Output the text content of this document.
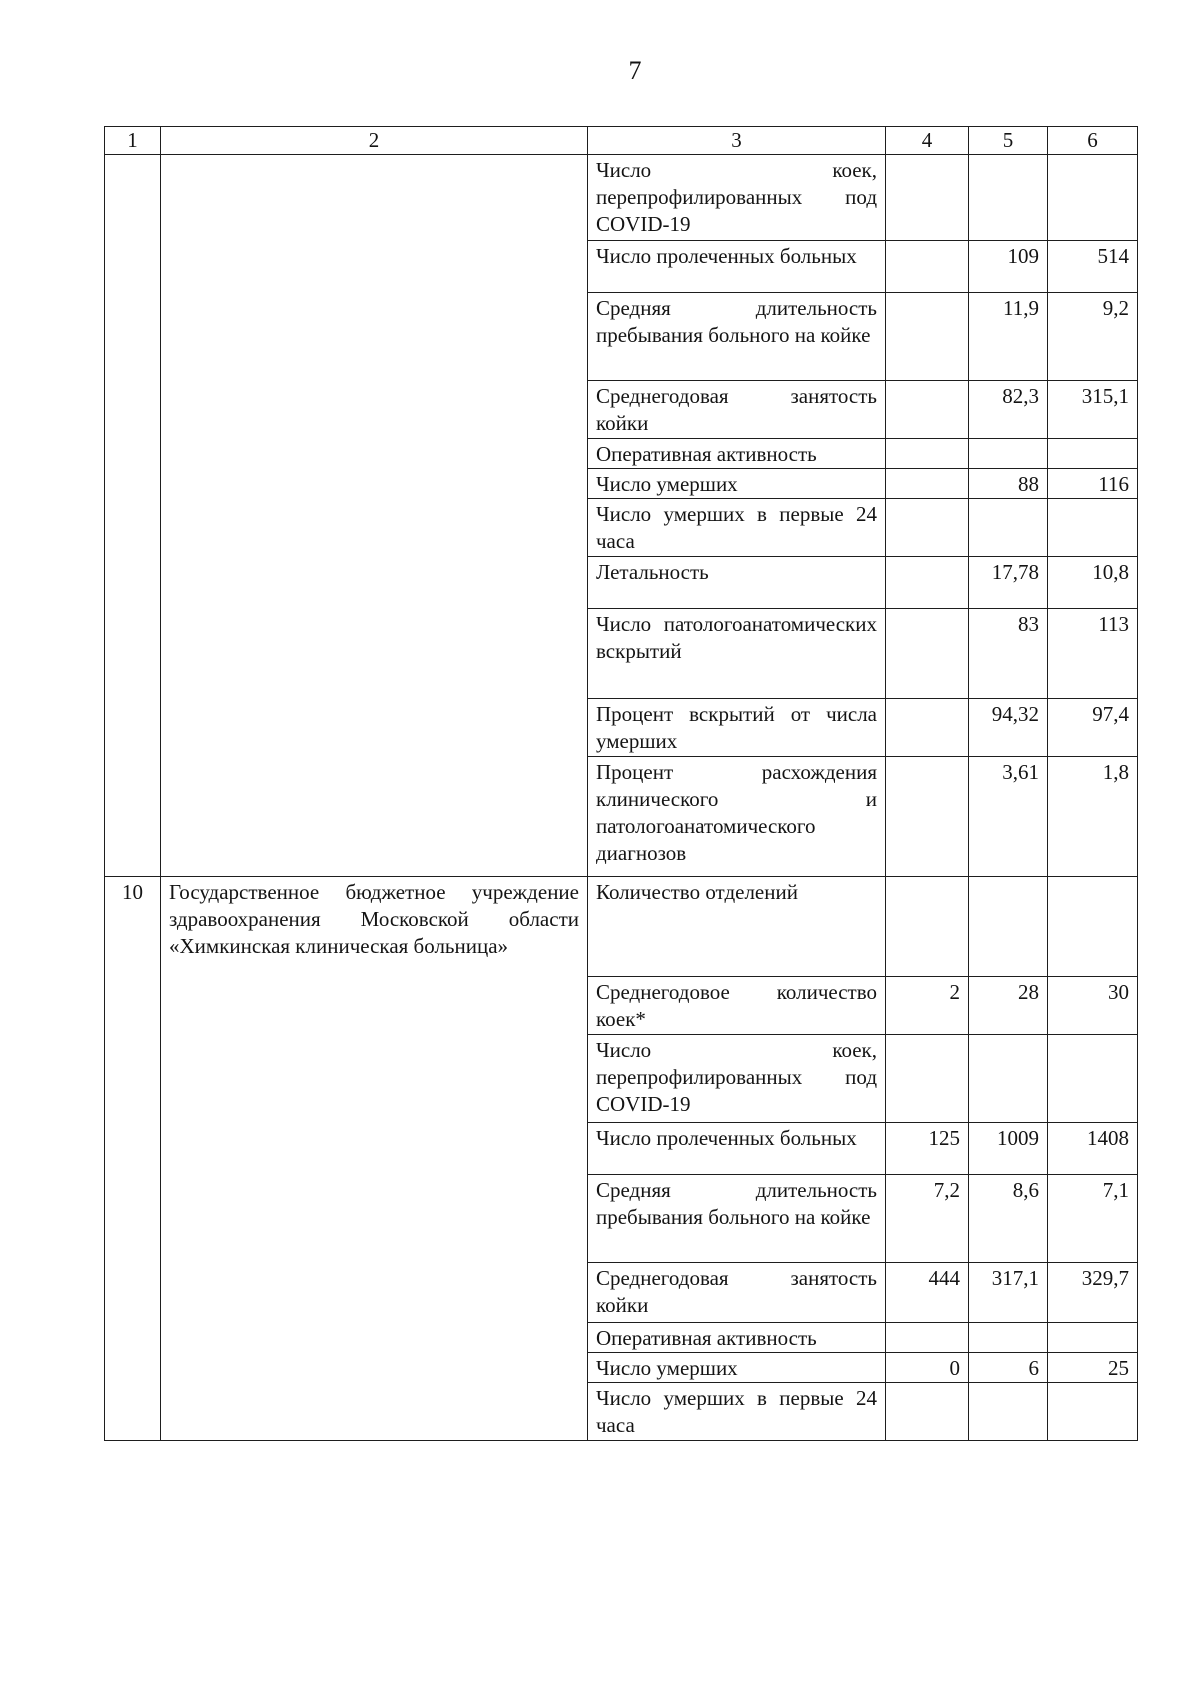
7
1	2	3	4	5	6
		Число коек, перепрофилированных под COVID-19			
		Число пролеченных больных		109	514
		Средняя длительность пребывания больного на койке		11,9	9,2
		Среднегодовая занятость койки		82,3	315,1
		Оперативная активность			
		Число умерших		88	116
		Число умерших в первые 24 часа			
		Летальность		17,78	10,8
		Число патологоанатомических вскрытий		83	113
		Процент вскрытий от числа умерших		94,32	97,4
		Процент расхождения клинического и патологоанатомического диагнозов		3,61	1,8
10	Государственное бюджетное учреждение здравоохранения Московской области «Химкинская клиническая больница»	Количество отделений			
		Среднегодовое количество коек*	2	28	30
		Число коек, перепрофилированных под COVID-19			
		Число пролеченных больных	125	1009	1408
		Средняя длительность пребывания больного на койке	7,2	8,6	7,1
		Среднегодовая занятость койки	444	317,1	329,7
		Оперативная активность			
		Число умерших	0	6	25
		Число умерших в первые 24 часа			
